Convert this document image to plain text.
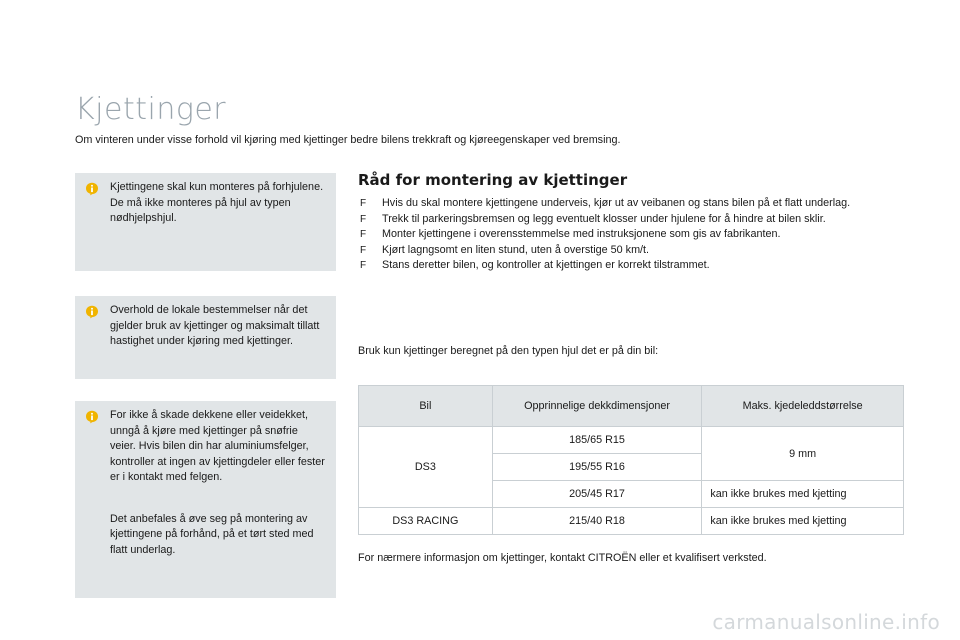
Kjettinger
Om vinteren under visse forhold vil kjøring med kjettinger bedre bilens trekkraft og kjøreegenskaper ved bremsing.

Kjettingene skal kun monteres på forhjulene. De må ikke monteres på hjul av typen nødhjelpshjul.

Overhold de lokale bestemmelser når det gjelder bruk av kjettinger og maksimalt tillatt hastighet under kjøring med kjettinger.

For ikke å skade dekkene eller veidekket, unngå å kjøre med kjettinger på snøfrie veier. Hvis bilen din har aluminiumsfelger, kontroller at ingen av kjettingdeler eller fester er i kontakt med felgen.

Det anbefales å øve seg på montering av kjettingene på forhånd, på et tørt sted med flatt underlag.

Råd for montering av kjettinger
F Hvis du skal montere kjettingene underveis, kjør ut av veibanen og stans bilen på et flatt underlag.
F Trekk til parkeringsbremsen og legg eventuelt klosser under hjulene for å hindre at bilen sklir.
F Monter kjettingene i overensstemmelse med instruksjonene som gis av fabrikanten.
F Kjørt lagngsomt en liten stund, uten å overstige 50 km/t.
F Stans deretter bilen, og kontroller at kjettingen er korrekt tilstrammet.
Bruk kun kjettinger beregnet på den typen hjul det er på din bil:
Bil	Opprinnelige dekkdimensjoner	Maks. kjedeleddstørrelse
DS3	185/65 R15	9 mm
	195/55 R16	
	205/45 R17	kan ikke brukes med kjetting
DS3 RACING	215/40 R18	kan ikke brukes med kjetting
For nærmere informasjon om kjettinger, kontakt CITROËN eller et kvalifisert verksted.
carmanualsonline.info
